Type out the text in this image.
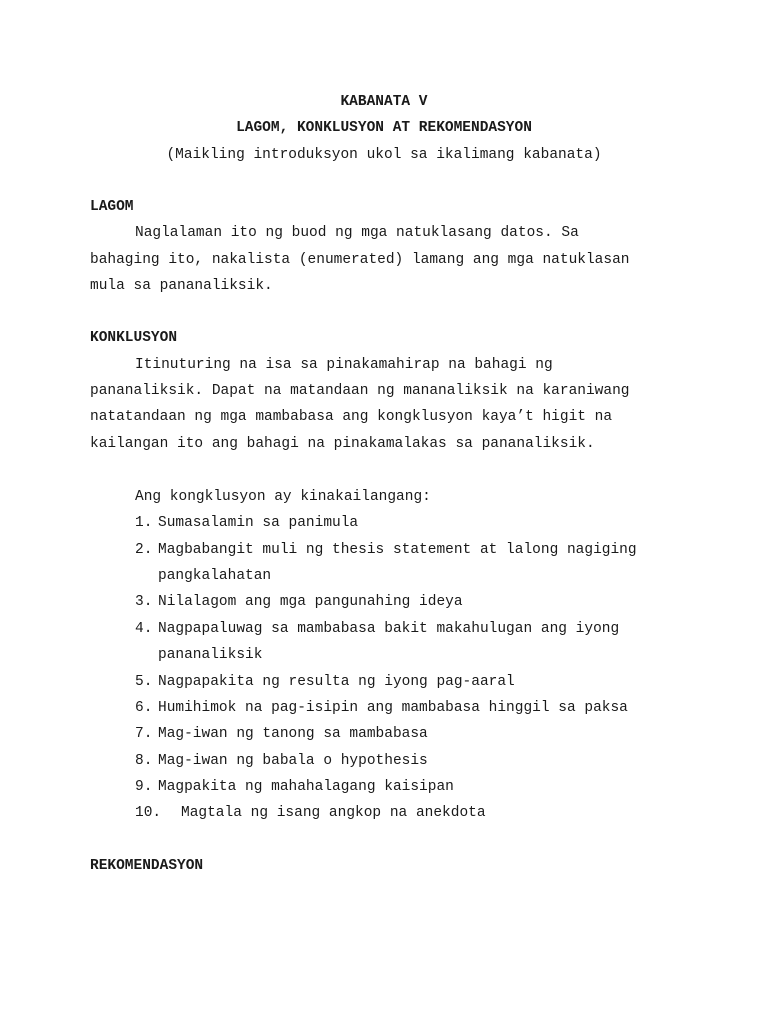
KABANATA V
LAGOM, KONKLUSYON AT REKOMENDASYON
(Maikling introduksyon ukol sa ikalimang kabanata)
LAGOM
Naglalaman ito ng buod ng mga natuklasang datos. Sa
bahaging ito, nakalista (enumerated) lamang ang mga natuklasan
mula sa pananaliksik.
KONKLUSYON
Itinuturing na isa sa pinakamahirap na bahagi ng
pananaliksik. Dapat na matandaan ng mananaliksik na karaniwang
natatandaan ng mga mambabasa ang kongklusyon kaya’t higit na
kailangan ito ang bahagi na pinakamalakas sa pananaliksik.
Ang kongklusyon ay kinakailangang:
1. Sumasalamin sa panimula
2. Magbabangit muli ng thesis statement at lalong nagiging
pangkalahatan
3. Nilalagom ang mga pangunahing ideya
4. Nagpapaluwag sa mambabasa bakit makahulugan ang iyong
pananaliksik
5. Nagpapakita ng resulta ng iyong pag-aaral
6. Humihimok na pag-isipin ang mambabasa hinggil sa paksa
7. Mag-iwan ng tanong sa mambabasa
8. Mag-iwan ng babala o hypothesis
9. Magpakita ng mahahalagang kaisipan
10. Magtala ng isang angkop na anekdota
REKOMENDASYON
